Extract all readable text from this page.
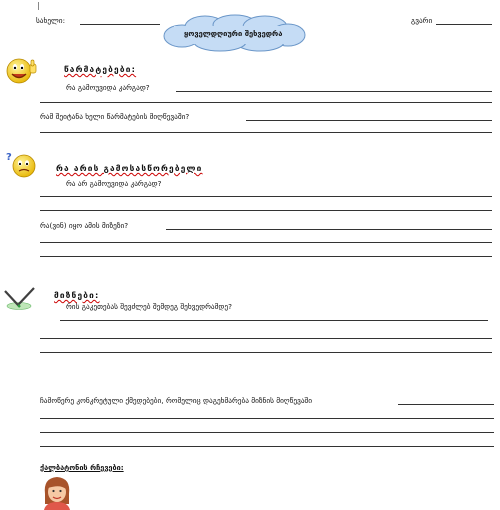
სახელი:	გვარი
ყოველდღიური შეხვედრა
წარმატებები:
რა გამოუვიდა კარგად?
რამ შეიტანა ხელი წარმატების მიღწევაში?
?
რა არის გამოსასწორებელი
რა არ გამოუვიდა კარგად?
რა(ვინ) იყო ამის მიზეზი?
მიზნები:
რის გაკეთებას შევძლებ შემდეგ შეხვედრამდე?
ჩამოწერე კონკრეტული ქმედებები, რომელიც დაგეხმარება მიზნის მიღწევაში
ქალბატონის რჩევები:
